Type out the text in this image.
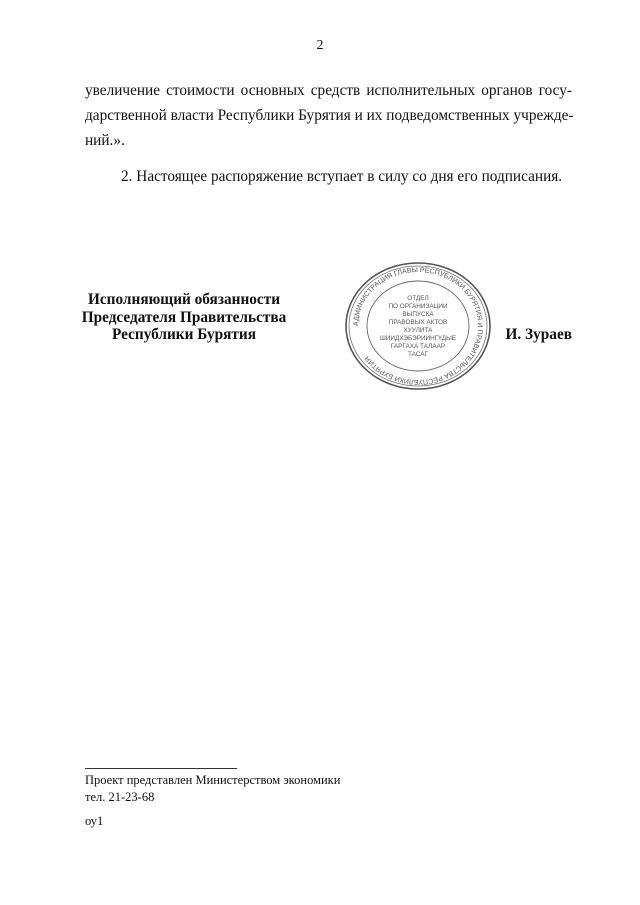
2
увеличение стоимости основных средств исполнительных органов госу-
дарственной власти Республики Бурятия и их подведомственных учрежде-
ний.».
2. Настоящее распоряжение вступает в силу со дня его подписания.
Исполняющий обязанности
Председателя Правительства
Республики Бурятия
АДМИНИСТРАЦИЯ ГЛАВЫ РЕСПУБЛИКИ БУРЯТИЯ И ПРАВИТЕЛЬСТВА РЕСПУБЛИКИ БУРЯТИЯ
ОТДЕЛ
ПО ОРГАНИЗАЦИИ
ВЫПУСКА
ПРАВОВЫХ АКТОВ
ХУУЛИТА
ШИИДХЭБЭРИИНГҮДЫЕ
ГАРГАХА ТАЛААР
ТАСАГ
И. Зураев
Проект представлен Министерством экономики
тел. 21-23-68
оу1
